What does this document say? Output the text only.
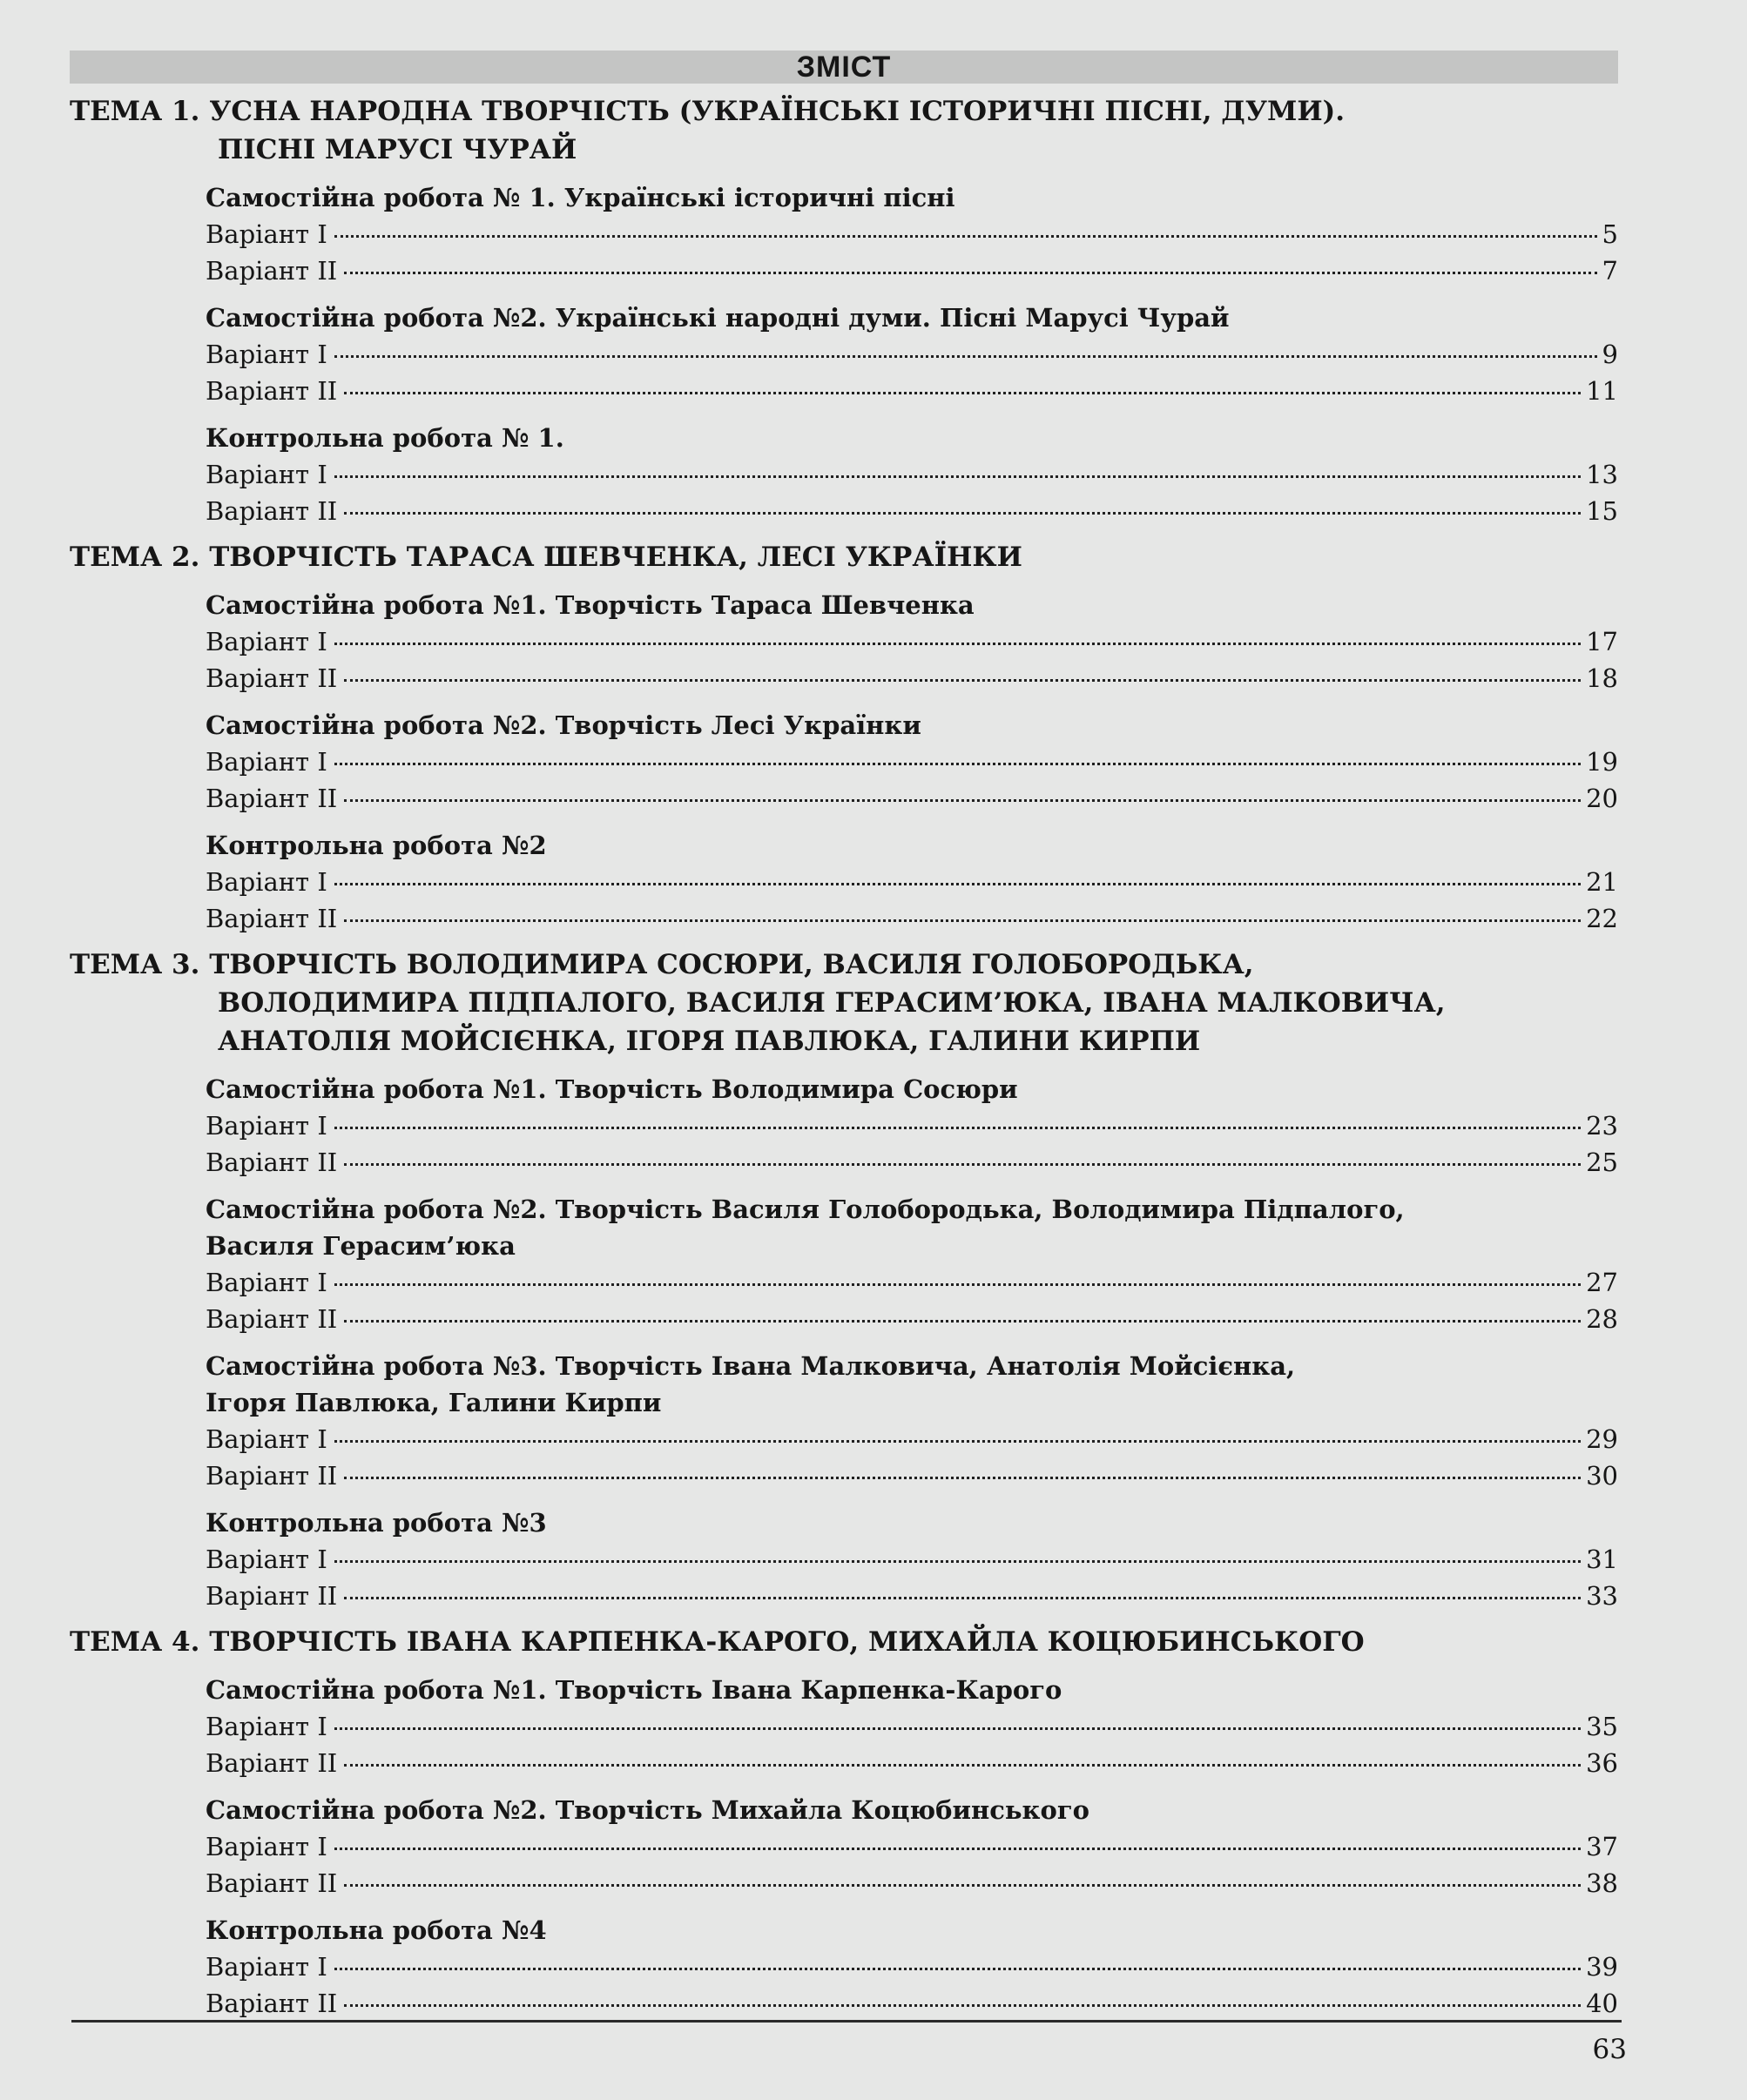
ЗМІСТ
ТЕМА 1. УСНА НАРОДНА ТВОРЧІСТЬ (УКРАЇНСЬКІ ІСТОРИЧНІ ПІСНІ, ДУМИ).
ПІСНІ МАРУСІ ЧУРАЙ
Самостійна робота № 1. Українські історичні пісні
Варіант І	5
Варіант ІІ	7
Самостійна робота №2. Українські народні думи. Пісні Марусі Чурай
Варіант І	9
Варіант ІІ	11
Контрольна робота № 1.
Варіант І	13
Варіант ІІ	15
ТЕМА 2. ТВОРЧІСТЬ ТАРАСА ШЕВЧЕНКА, ЛЕСІ УКРАЇНКИ
Самостійна робота №1. Творчість Тараса Шевченка
Варіант І	17
Варіант ІІ	18
Самостійна робота №2. Творчість Лесі Українки
Варіант І	19
Варіант ІІ	20
Контрольна робота №2
Варіант І	21
Варіант ІІ	22
ТЕМА 3. ТВОРЧІСТЬ ВОЛОДИМИРА СОСЮРИ, ВАСИЛЯ ГОЛОБОРОДЬКА,
ВОЛОДИМИРА ПІДПАЛОГО, ВАСИЛЯ ГЕРАСИМ’ЮКА, ІВАНА МАЛКОВИЧА,
АНАТОЛІЯ МОЙСІЄНКА, ІГОРЯ ПАВЛЮКА, ГАЛИНИ КИРПИ
Самостійна робота №1. Творчість Володимира Сосюри
Варіант І	23
Варіант ІІ	25
Самостійна робота №2. Творчість Василя Голобородька, Володимира Підпалого,
Василя Герасим’юка
Варіант І	27
Варіант ІІ	28
Самостійна робота №3. Творчість Івана Малковича, Анатолія Мойсієнка,
Ігоря Павлюка, Галини Кирпи
Варіант І	29
Варіант ІІ	30
Контрольна робота №3
Варіант І	31
Варіант ІІ	33
ТЕМА 4. ТВОРЧІСТЬ ІВАНА КАРПЕНКА-КАРОГО, МИХАЙЛА КОЦЮБИНСЬКОГО
Самостійна робота №1. Творчість Івана Карпенка-Карого
Варіант І	35
Варіант ІІ	36
Самостійна робота №2. Творчість Михайла Коцюбинського
Варіант І	37
Варіант ІІ	38
Контрольна робота №4
Варіант І	39
Варіант ІІ	40
63
